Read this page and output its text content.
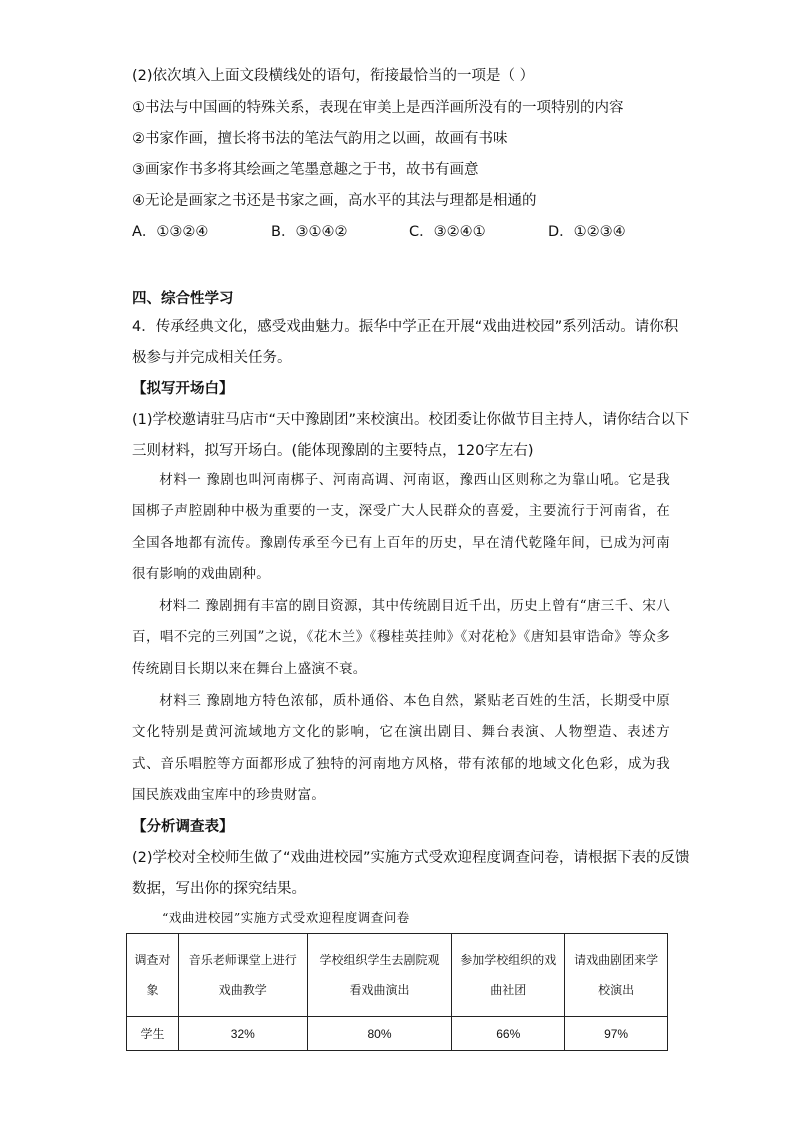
(2)依次填入上面文段横线处的语句，衔接最恰当的一项是（ ）
①书法与中国画的特殊关系，表现在审美上是西洋画所没有的一项特别的内容
②书家作画，擅长将书法的笔法气韵用之以画，故画有书味
③画家作书多将其绘画之笔墨意趣之于书，故书有画意
④无论是画家之书还是书家之画，高水平的其法与理都是相通的
A．①③②④	B．③①④②	C．③②④①	D．①②③④
四、综合性学习
4．传承经典文化，感受戏曲魅力。振华中学正在开展“戏曲进校园”系列活动。请你积
极参与并完成相关任务。
【拟写开场白】
(1)学校邀请驻马店市“天中豫剧团”来校演出。校团委让你做节目主持人，请你结合以下
三则材料，拟写开场白。(能体现豫剧的主要特点，120字左右)
材料一 豫剧也叫河南梆子、河南高调、河南讴，豫西山区则称之为靠山吼。它是我国梆子声腔剧种中极为重要的一支，深受广大人民群众的喜爱，主要流行于河南省，在全国各地都有流传。豫剧传承至今已有上百年的历史，早在清代乾隆年间，已成为河南很有影响的戏曲剧种。
材料二 豫剧拥有丰富的剧目资源，其中传统剧目近千出，历史上曾有“唐三千、宋八百，唱不完的三列国”之说，《花木兰》《穆桂英挂帅》《对花枪》《唐知县审诰命》等众多传统剧目长期以来在舞台上盛演不衰。
材料三 豫剧地方特色浓郁，质朴通俗、本色自然，紧贴老百姓的生活，长期受中原文化特别是黄河流域地方文化的影响，它在演出剧目、舞台表演、人物塑造、表述方式、音乐唱腔等方面都形成了独特的河南地方风格，带有浓郁的地域文化色彩，成为我国民族戏曲宝库中的珍贵财富。
【分析调查表】
(2)学校对全校师生做了“戏曲进校园”实施方式受欢迎程度调查问卷，请根据下表的反馈
数据，写出你的探究结果。
“戏曲进校园”实施方式受欢迎程度调查问卷
调查对象	音乐老师课堂上进行戏曲教学	学校组织学生去剧院观看戏曲演出	参加学校组织的戏曲社团	请戏曲剧团来学校演出
学生	32%	80%	66%	97%
